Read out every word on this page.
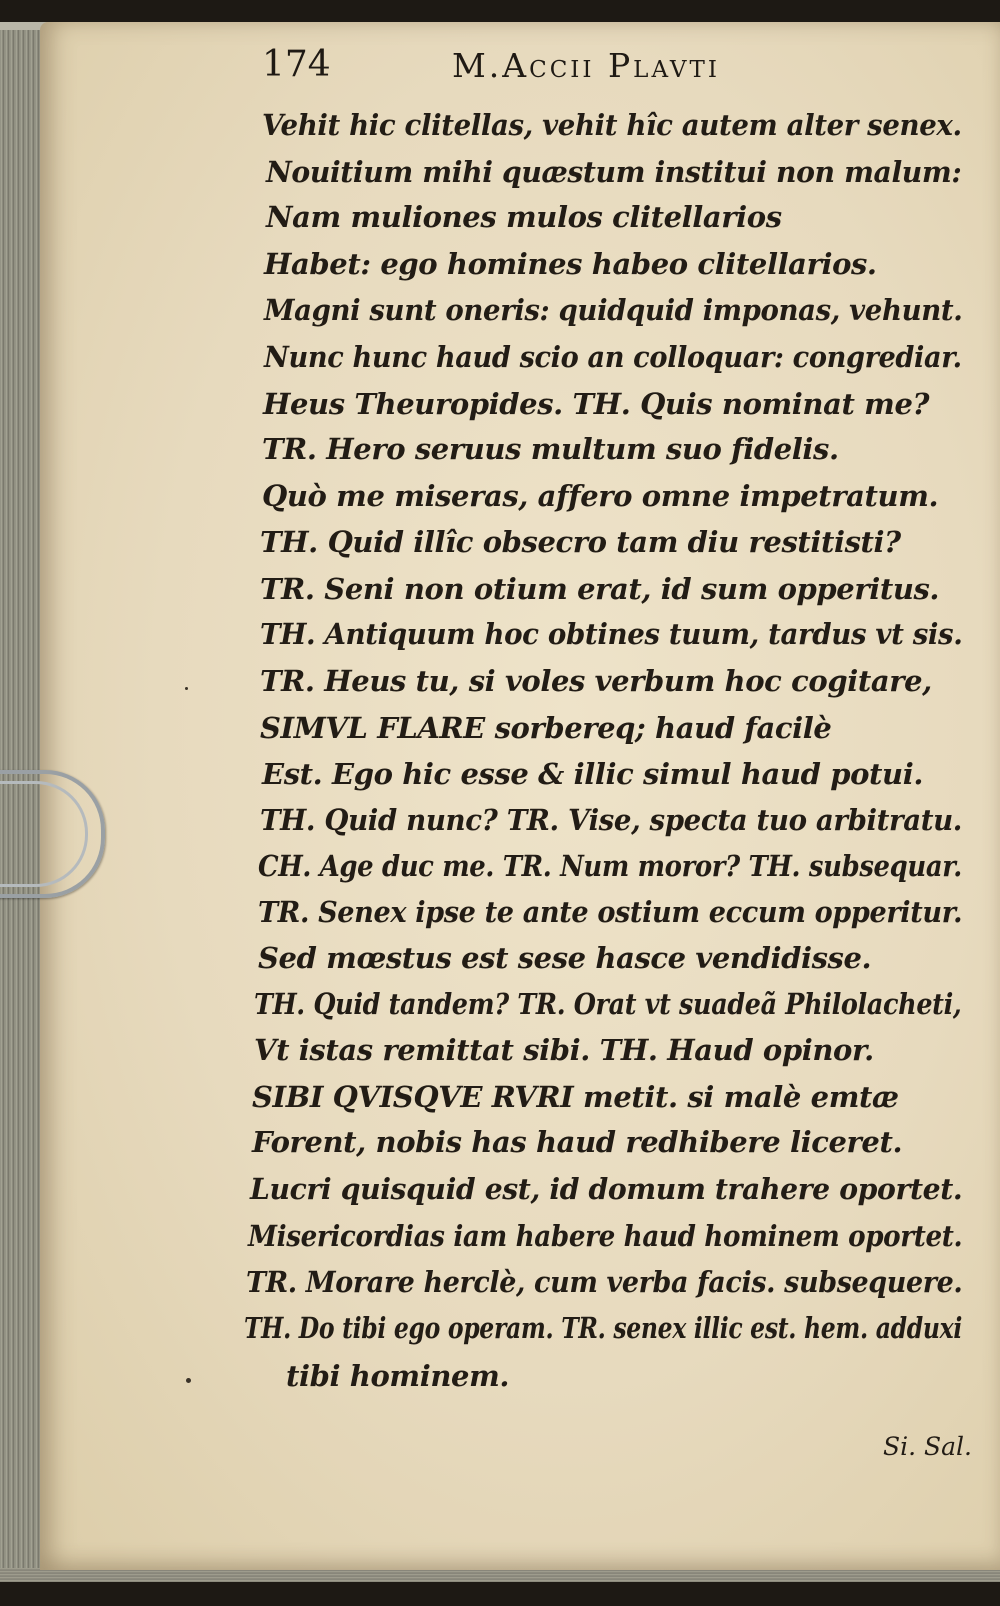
174	M.Accii Plavti
Vehit hic clitellas, vehit hîc autem alter senex.
Nouitium mihi quæstum institui non malum:
Nam muliones mulos clitellarios
Habet: ego homines habeo clitellarios.
Magni sunt oneris: quidquid imponas, vehunt.
Nunc hunc haud scio an colloquar: congrediar.
Heus Theuropides. TH. Quis nominat me?
TR. Hero seruus multum suo fidelis.
Quò me miseras, affero omne impetratum.
TH. Quid illîc obsecro tam diu restitisti?
TR. Seni non otium erat, id sum opperitus.
TH. Antiquum hoc obtines tuum, tardus vt sis.
TR. Heus tu, si voles verbum hoc cogitare,
SIMVL FLARE sorbereq; haud facilè
Est. Ego hic esse & illic simul haud potui.
TH. Quid nunc? TR. Vise, specta tuo arbitratu.
CH. Age duc me. TR. Num moror? TH. subsequar.
TR. Senex ipse te ante ostium eccum opperitur.
Sed mœstus est sese hasce vendidisse.
TH. Quid tandem? TR. Orat vt suadeã Philolacheti,
Vt istas remittat sibi. TH. Haud opinor.
SIBI QVISQVE RVRI metit. si malè emtæ
Forent, nobis has haud redhibere liceret.
Lucri quisquid est, id domum trahere oportet.
Misericordias iam habere haud hominem oportet.
TR. Morare herclè, cum verba facis. subsequere.
TH. Do tibi ego operam. TR. senex illic est. hem. adduxi
tibi hominem.
Si. Sal.
